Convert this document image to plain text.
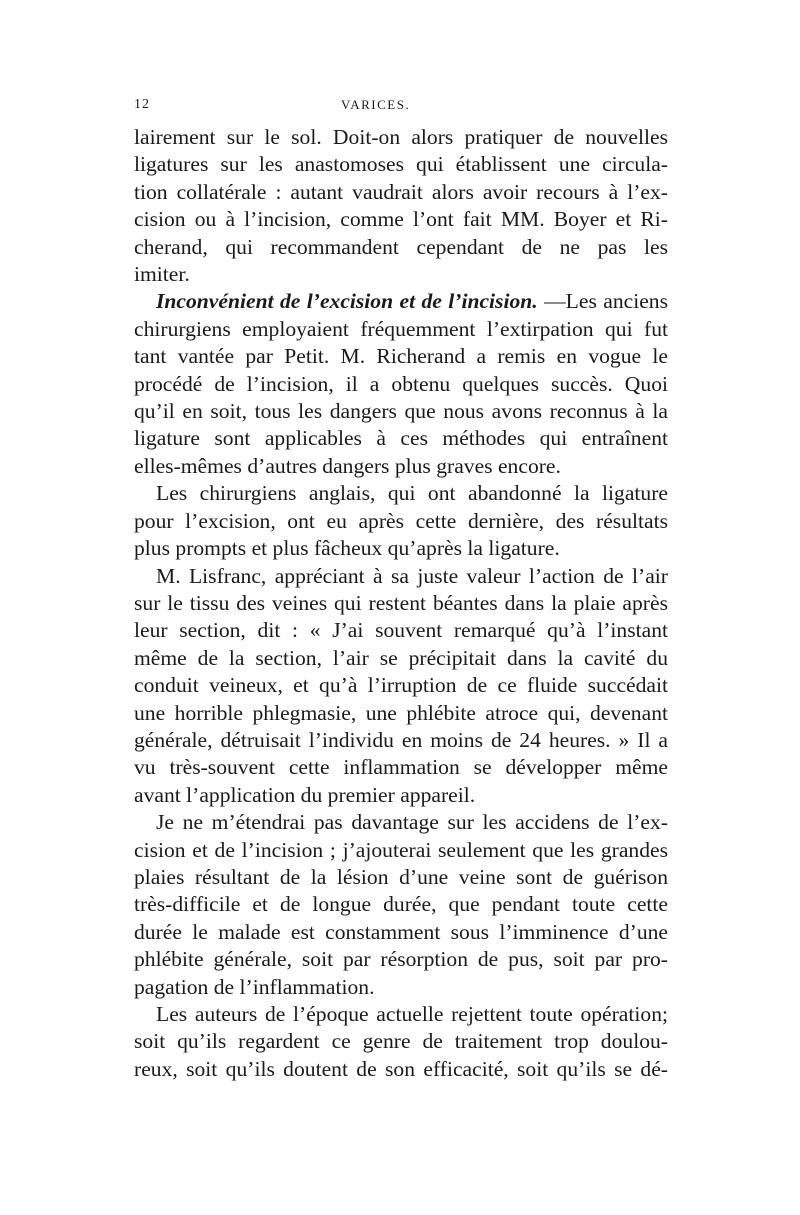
12	VARICES.
lairement sur le sol. Doit-on alors pratiquer de nouvelles
ligatures sur les anastomoses qui établissent une circula-
tion collatérale : autant vaudrait alors avoir recours à l’ex-
cision ou à l’incision, comme l’ont fait MM. Boyer et Ri-
cherand, qui recommandent cependant de ne pas les
imiter.
Inconvénient de l’excision et de l’incision. —Les anciens
chirurgiens employaient fréquemment l’extirpation qui fut
tant vantée par Petit. M. Richerand a remis en vogue le
procédé de l’incision, il a obtenu quelques succès. Quoi
qu’il en soit, tous les dangers que nous avons reconnus à la
ligature sont applicables à ces méthodes qui entraînent
elles-mêmes d’autres dangers plus graves encore.
Les chirurgiens anglais, qui ont abandonné la ligature
pour l’excision, ont eu après cette dernière, des résultats
plus prompts et plus fâcheux qu’après la ligature.
M. Lisfranc, appréciant à sa juste valeur l’action de l’air
sur le tissu des veines qui restent béantes dans la plaie après
leur section, dit : « J’ai souvent remarqué qu’à l’instant
même de la section, l’air se précipitait dans la cavité du
conduit veineux, et qu’à l’irruption de ce fluide succédait
une horrible phlegmasie, une phlébite atroce qui, devenant
générale, détruisait l’individu en moins de 24 heures. » Il a
vu très-souvent cette inflammation se développer même
avant l’application du premier appareil.
Je ne m’étendrai pas davantage sur les accidens de l’ex-
cision et de l’incision ; j’ajouterai seulement que les grandes
plaies résultant de la lésion d’une veine sont de guérison
très-difficile et de longue durée, que pendant toute cette
durée le malade est constamment sous l’imminence d’une
phlébite générale, soit par résorption de pus, soit par pro-
pagation de l’inflammation.
Les auteurs de l’époque actuelle rejettent toute opération;
soit qu’ils regardent ce genre de traitement trop doulou-
reux, soit qu’ils doutent de son efficacité, soit qu’ils se dé-
